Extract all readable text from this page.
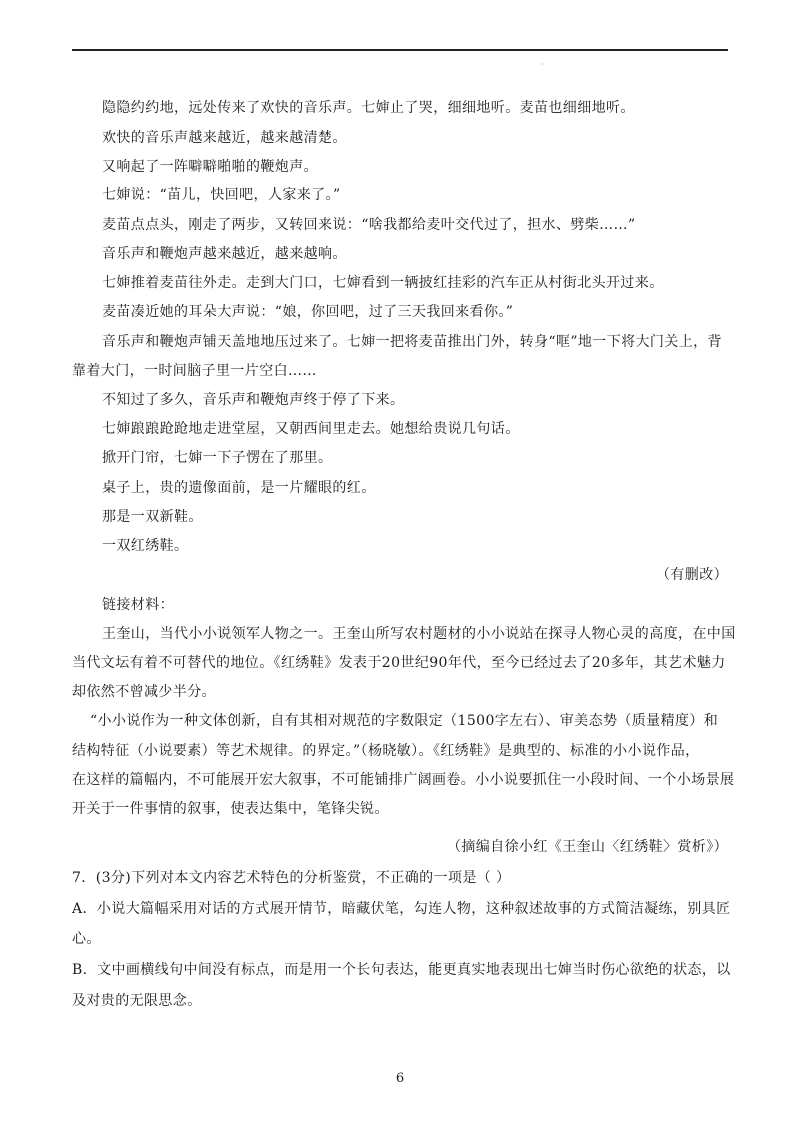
·
隐隐约约地，远处传来了欢快的音乐声。七婶止了哭，细细地听。麦苗也细细地听。
欢快的音乐声越来越近，越来越清楚。
又响起了一阵噼噼啪啪的鞭炮声。
七婶说：“苗儿，快回吧，人家来了。”
麦苗点点头，刚走了两步，又转回来说：“啥我都给麦叶交代过了，担水、劈柴……”
音乐声和鞭炮声越来越近，越来越响。
七婶推着麦苗往外走。走到大门口，七婶看到一辆披红挂彩的汽车正从村街北头开过来。
麦苗凑近她的耳朵大声说：“娘，你回吧，过了三天我回来看你。”
音乐声和鞭炮声铺天盖地地压过来了。七婶一把将麦苗推出门外，转身“哐”地一下将大门关上，背
靠着大门，一时间脑子里一片空白……
不知过了多久，音乐声和鞭炮声终于停了下来。
七婶踉踉跄跄地走进堂屋，又朝西间里走去。她想给贵说几句话。
掀开门帘，七婶一下子愣在了那里。
桌子上，贵的遗像面前，是一片耀眼的红。
那是一双新鞋。
一双红绣鞋。
（有删改）
链接材料：
王奎山，当代小小说领军人物之一。王奎山所写农村题材的小小说站在探寻人物心灵的高度，在中国
当代文坛有着不可替代的地位。《红绣鞋》发表于20世纪90年代，至今已经过去了20多年，其艺术魅力
却依然不曾减少半分。
“小小说作为一种文体创新，自有其相对规范的字数限定（1500字左右）、审美态势（质量精度）和
结构特征（小说要素）等艺术规律。的界定。”（杨晓敏）。《红绣鞋》是典型的、标准的小小说作品，
在这样的篇幅内，不可能展开宏大叙事，不可能铺排广阔画卷。小小说要抓住一小段时间、一个小场景展
开关于一件事情的叙事，使表达集中，笔锋尖锐。
（摘编自徐小红《王奎山〈红绣鞋〉赏析》）
7．(3分)下列对本文内容艺术特色的分析鉴赏，不正确的一项是（ ）
A．小说大篇幅采用对话的方式展开情节，暗藏伏笔，勾连人物，这种叙述故事的方式简洁凝练，别具匠
心。
B．文中画横线句中间没有标点，而是用一个长句表达，能更真实地表现出七婶当时伤心欲绝的状态，以
及对贵的无限思念。
6
